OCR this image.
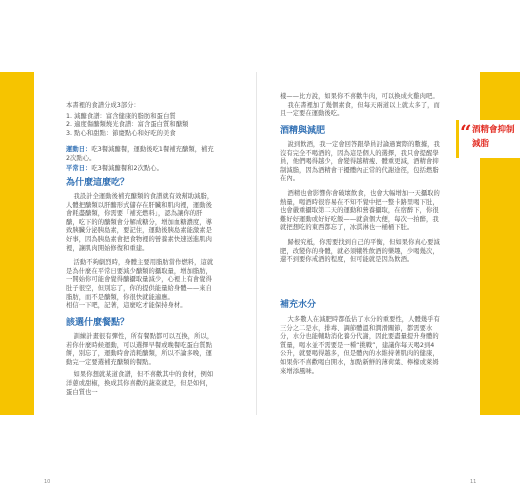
本書裡的食譜分成3部分：

1. 減醣食譜：富含健康的脂肪和蛋白質

2. 適度傷醣類燒光食譜：富含蛋白質和醣類

3. 點心和甜點：節慶點心和好吃的美食

運動日：吃3餐減醣餐，運動後吃1餐補充醣類，補充2次點心。

平常日：吃3餐減醣餐和2次點心。

為什麼這麼吃？

我設計全運動後補充醣類的食譜就有效幫助減脂，人體把醣類以肝醣形式儲存在肝臟和肌肉裡，運動後會耗盡醣類，你需要「補充燃料」，認為讓你的肝醣，吃下的的醣類會分解成糖分，增加血糖濃度，導致胰臟分泌胰島素，要記住，運動後胰島素能激素是好事，因為胰島素會把食物裡的營養素快速送進肌肉裡，讓肌肉開始修復和重建。

活動不夠劇烈時，身體主要用脂肪當作燃料，這就是為什麼在平常日要減少醣類的攝取量，增加脂肪，一開始你可能會覺得醣攝取量減少，心裡上有會覺得肚子很空，但別忘了，你的提供能量給身體——來自脂肪，而不是醣類，你很快就能適應。

相信一下吧，記著，這麼吃才能保持身材。

該選什麼餐點？

訓練計畫很有彈性，所有餐點都可以互換，所以，若你什麼時候運動，可以選擇早餐或晚餐吃蛋白質點餅，別忘了，運動時會消耗醣類，所以不論多晚，運動完一定要選補充醣類的餐點。

如果你想就某道食譜，但不喜歡其中的食材，例如洋蔥或甜椒，換成其你喜歡的蔬菜就是，但是如何，蛋白質也一

10

樣——比方說，如果你不喜歡牛肉，可以換成火雞肉吧。

我在書裡加了幾個素食，但每天兩道以上就太多了，而且一定要在運動後吃。

酒精與減肥

說到飲酒，我一定會回答跟學員討論過實際的數據，我沒有完全不喝酒的，因為這是個人的選擇，我只會提醒學員，他們喝得越少，會變得越精瘦、體重更減，酒精會抑制減脂，因為酒精會干擾體內正常的代謝途徑，包括燃脂在內。

酒精也會影響你會破壞飲食，也會大幅增加一天攝取的熱量，喝酒時很容易在不知不覺中把一整卡路里喝下肚，也會嚴重攝取第二天的運動和營養攝取，在宿醉下，你很難好好運動或好好吃飯——就貪個大便，每次一拍醉，我就把想吃的東西都忘了，冰淇淋也一桶桶下肚。

歸根究柢，你需要找到自己的平衡，但如果你真心要減肥，改變你的身體，就必須犧牲飲酒的樂趣，少喝幾次，還不到要你戒酒的程度，但可能就是因為飲酒。

補充水分

大多數人在減肥時都低估了水分的重要性，人體幾乎有三分之二是水，排毒、調節體溫和潤滑關節，都需要水分，水分也能輔助消化養分代謝，因此要盡量提升身體的質量，喝水並不需要是一種“挑戰”，建議你每天喝2到4公升，就要喝得越多，但是體內的水維持著肌肉的健康，如果你不喜歡喝白開水，加點新鮮的薄荷葉、檸檬或萊姆來增添風味。

11
“ 酒精會抑制減脂
